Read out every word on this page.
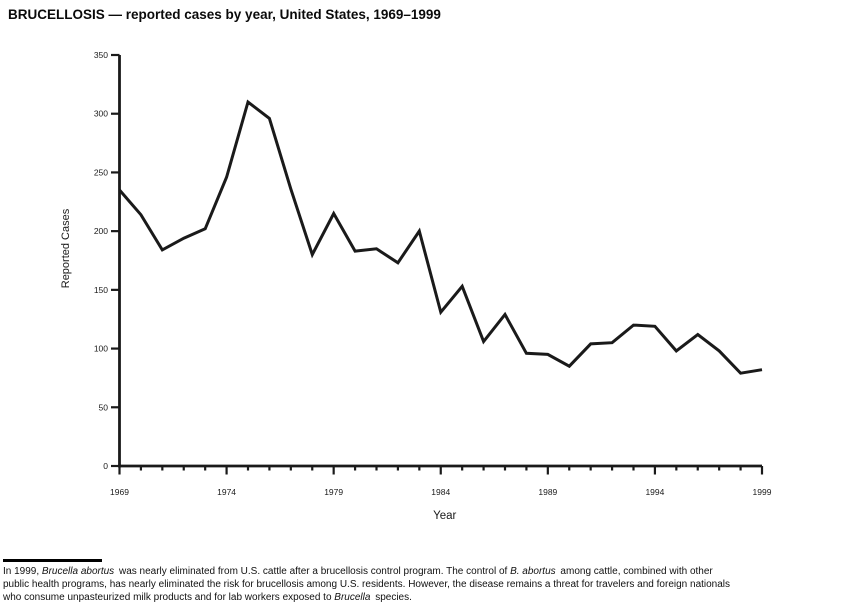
BRUCELLOSIS — reported cases by year, United States, 1969–1999
0
50
100
150
200
250
300
350
1969	1974	1979	1984	1989	1994	1999
Reported Cases
Year
In 1999, Brucella abortus was nearly eliminated from U.S. cattle after a brucellosis control program. The control of B. abortus among cattle, combined with other
public health programs, has nearly eliminated the risk for brucellosis among U.S. residents. However, the disease remains a threat for travelers and foreign nationals
who consume unpasteurized milk products and for lab workers exposed to Brucella species.
